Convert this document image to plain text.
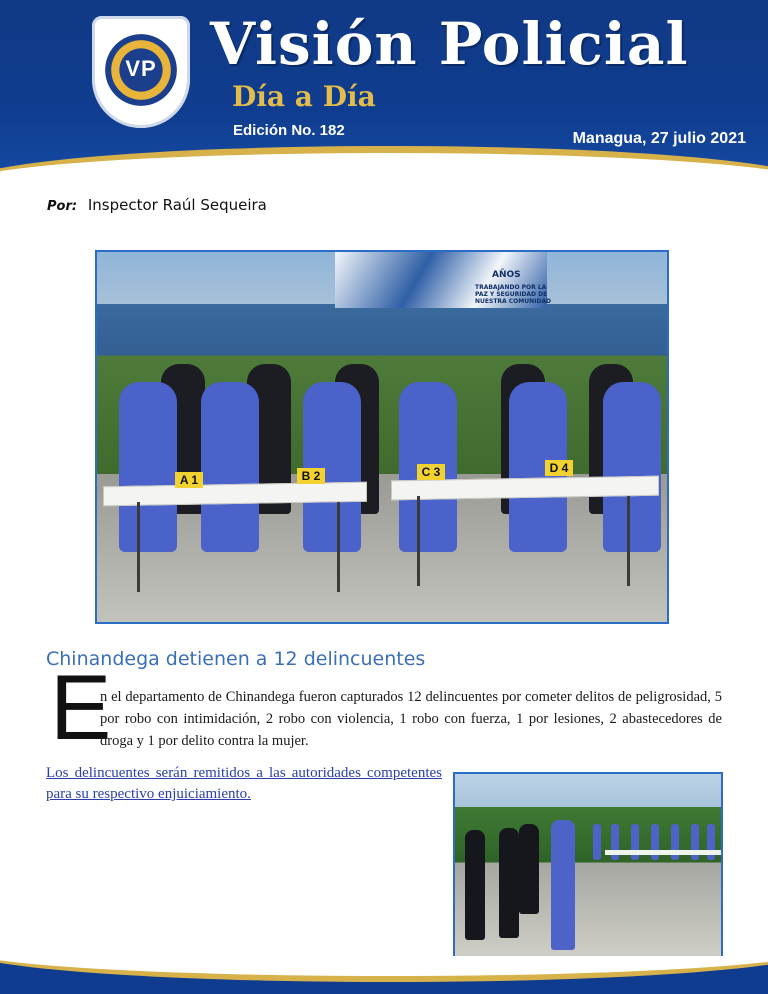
VP Visión Policial
Día a Día
Edición No. 182	Managua, 27 julio 2021
Por: Inspector Raúl Sequeira
AÑOS
TRABAJANDO POR LA PAZ Y SEGURIDAD DE NUESTRA COMUNIDAD
A 1	B 2	C 3	D 4
Chinandega detienen a 12 delincuentes
E
n el departamento de Chinandega fueron capturados 12 delincuentes por cometer delitos de peligrosidad, 5 por robo con intimidación, 2 robo con violencia, 1 robo con fuerza, 1 por lesiones, 2 abastecedores de droga y 1 por delito contra la mujer.
Los delincuentes serán remitidos a las autoridades competentes para su respectivo enjuiciamiento.
